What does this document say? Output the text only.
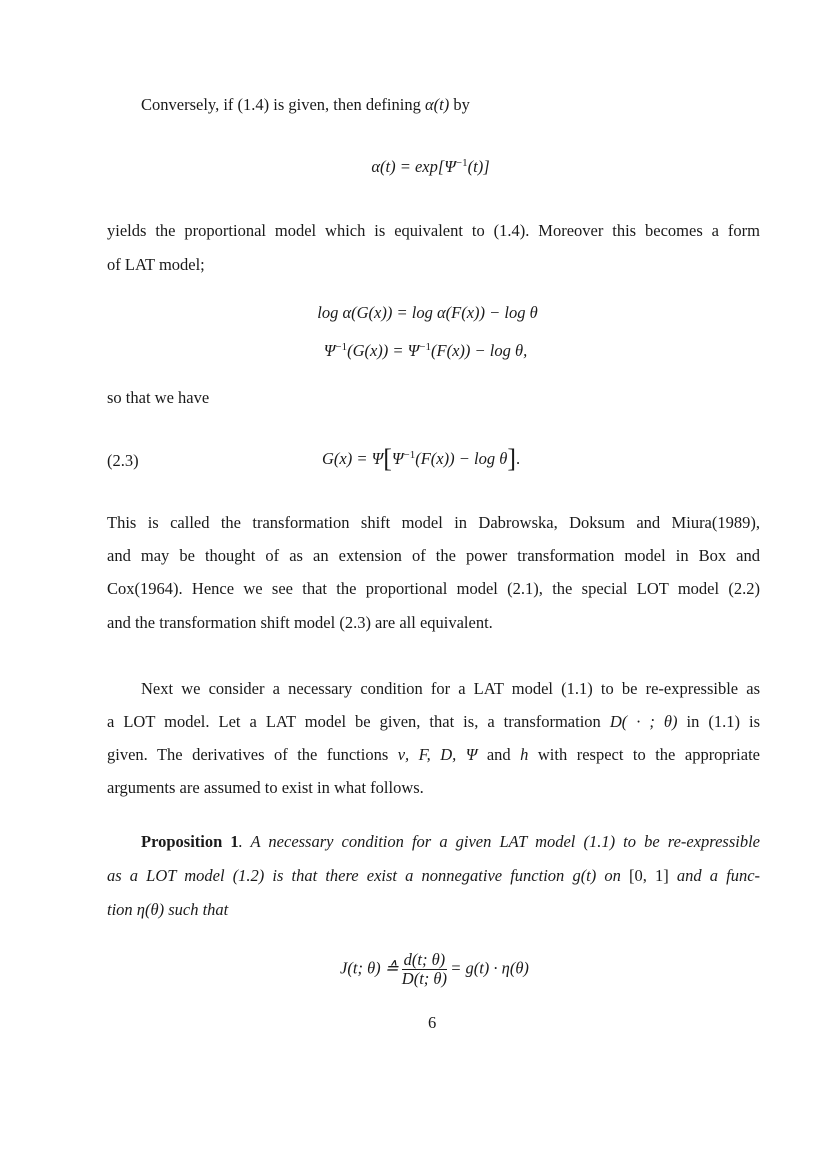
Conversely, if (1.4) is given, then defining α(t) by
$\alpha(t) = \exp[\Psi^{-1}(t)]$
yields the proportional model which is equivalent to (1.4). Moreover this becomes a form
of LAT model;
log α(G(x)) = log α(F(x)) − log θ
$\Psi^{-1}(G(x)) = \Psi^{-1}(F(x)) - \log \theta$,
so that we have
(2.3)	$G(x) = \Psi[\Psi^{-1}(F(x)) - \log \theta]$.
This is called the transformation shift model in Dabrowska, Doksum and Miura(1989),
and may be thought of as an extension of the power transformation model in Box and
Cox(1964). Hence we see that the proportional model (2.1), the special LOT model (2.2)
and the transformation shift model (2.3) are all equivalent.
Next we consider a necessary condition for a LAT model (1.1) to be re-expressible as
a LOT model. Let a LAT model be given, that is, a transformation D( · ; θ) in (1.1) is
given. The derivatives of the functions ν, F, D, Ψ and h with respect to the appropriate
arguments are assumed to exist in what follows.
Proposition 1. A necessary condition for a given LAT model (1.1) to be re-expressible
as a LOT model (1.2) is that there exist a nonnegative function g(t) on [0, 1] and a func-
tion η(θ) such that
J(t; θ) ≙ $\frac{d(t; \theta)}{D(t; \theta)} = g(t) \cdot \eta(\theta)$
6
